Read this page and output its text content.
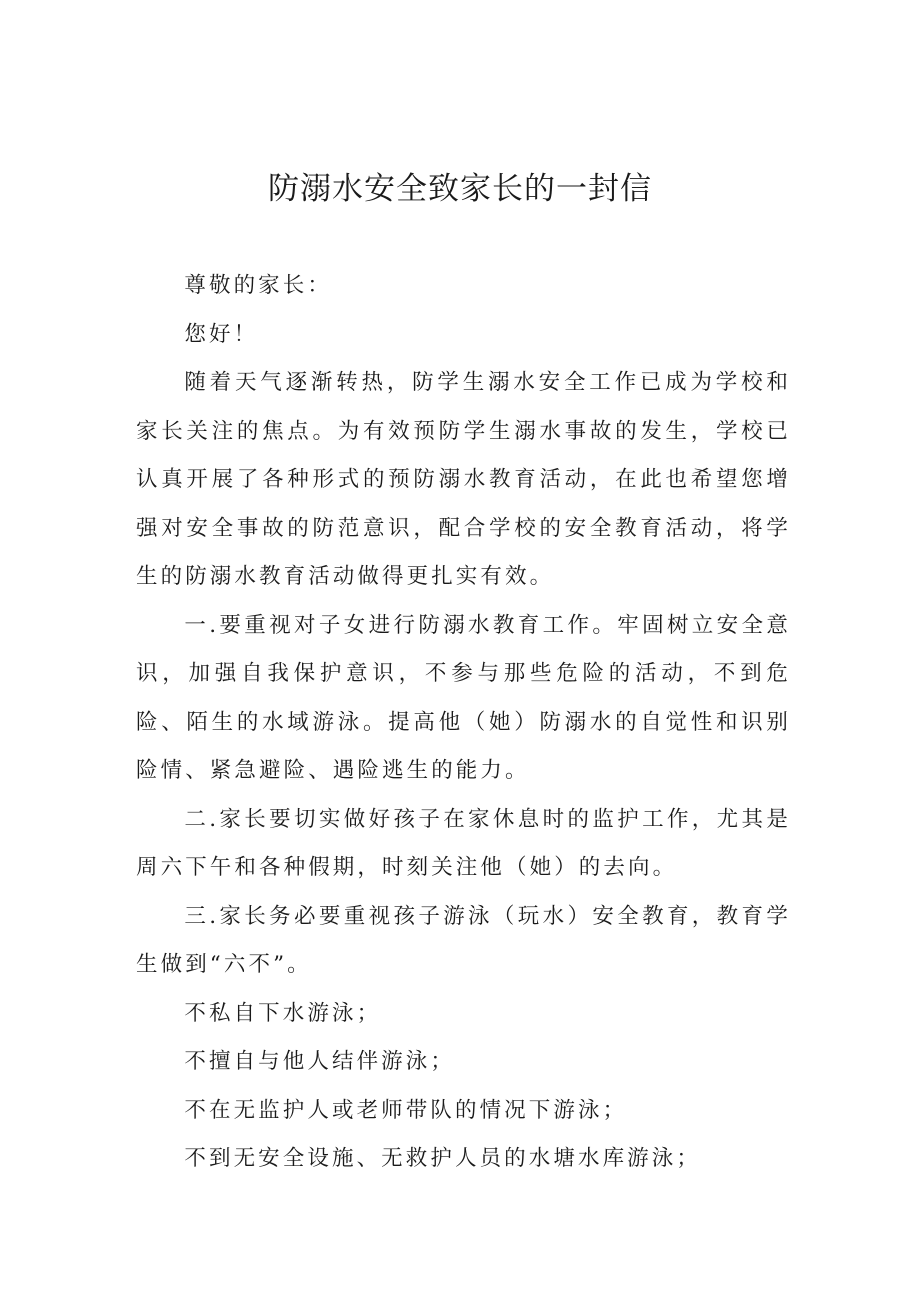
防溺水安全致家长的一封信

尊敬的家长：

您好！

随着天气逐渐转热，防学生溺水安全工作已成为学校和家长关注的焦点。为有效预防学生溺水事故的发生，学校已认真开展了各种形式的预防溺水教育活动，在此也希望您增强对安全事故的防范意识，配合学校的安全教育活动，将学生的防溺水教育活动做得更扎实有效。

一.要重视对子女进行防溺水教育工作。牢固树立安全意识，加强自我保护意识，不参与那些危险的活动，不到危险、陌生的水域游泳。提高他（她）防溺水的自觉性和识别险情、紧急避险、遇险逃生的能力。

二.家长要切实做好孩子在家休息时的监护工作，尤其是周六下午和各种假期，时刻关注他（她）的去向。

三.家长务必要重视孩子游泳（玩水）安全教育，教育学生做到“六不”。

不私自下水游泳；

不擅自与他人结伴游泳；

不在无监护人或老师带队的情况下游泳；

不到无安全设施、无救护人员的水塘水库游泳；
